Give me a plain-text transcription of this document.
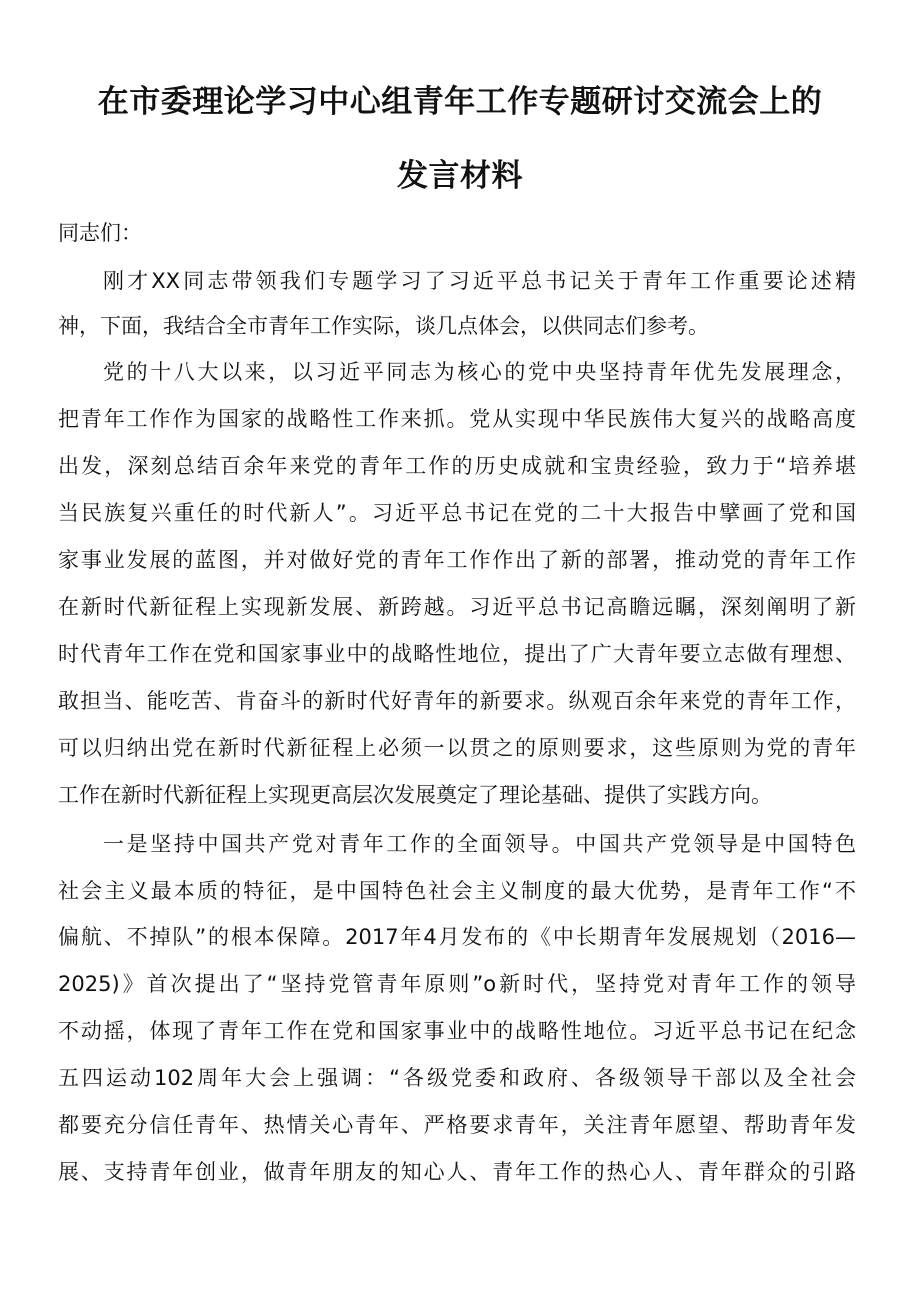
在市委理论学习中心组青年工作专题研讨交流会上的
发言材料
同志们：
刚才XX同志带领我们专题学习了习近平总书记关于青年工作重要论述精
神，下面，我结合全市青年工作实际，谈几点体会，以供同志们参考。
党的十八大以来，以习近平同志为核心的党中央坚持青年优先发展理念，
把青年工作作为国家的战略性工作来抓。党从实现中华民族伟大复兴的战略高度
出发，深刻总结百余年来党的青年工作的历史成就和宝贵经验，致力于“培养堪
当民族复兴重任的时代新人”。习近平总书记在党的二十大报告中擘画了党和国
家事业发展的蓝图，并对做好党的青年工作作出了新的部署，推动党的青年工作
在新时代新征程上实现新发展、新跨越。习近平总书记高瞻远瞩，深刻阐明了新
时代青年工作在党和国家事业中的战略性地位，提出了广大青年要立志做有理想、
敢担当、能吃苦、肯奋斗的新时代好青年的新要求。纵观百余年来党的青年工作，
可以归纳出党在新时代新征程上必须一以贯之的原则要求，这些原则为党的青年
工作在新时代新征程上实现更高层次发展奠定了理论基础、提供了实践方向。
一是坚持中国共产党对青年工作的全面领导。中国共产党领导是中国特色
社会主义最本质的特征，是中国特色社会主义制度的最大优势，是青年工作“不
偏航、不掉队”的根本保障。2017年4月发布的《中长期青年发展规划（2016—
2025)》首次提出了“坚持党管青年原则”o新时代，坚持党对青年工作的领导
不动摇，体现了青年工作在党和国家事业中的战略性地位。习近平总书记在纪念
五四运动102周年大会上强调：“各级党委和政府、各级领导干部以及全社会
都要充分信任青年、热情关心青年、严格要求青年，关注青年愿望、帮助青年发
展、支持青年创业，做青年朋友的知心人、青年工作的热心人、青年群众的引路
